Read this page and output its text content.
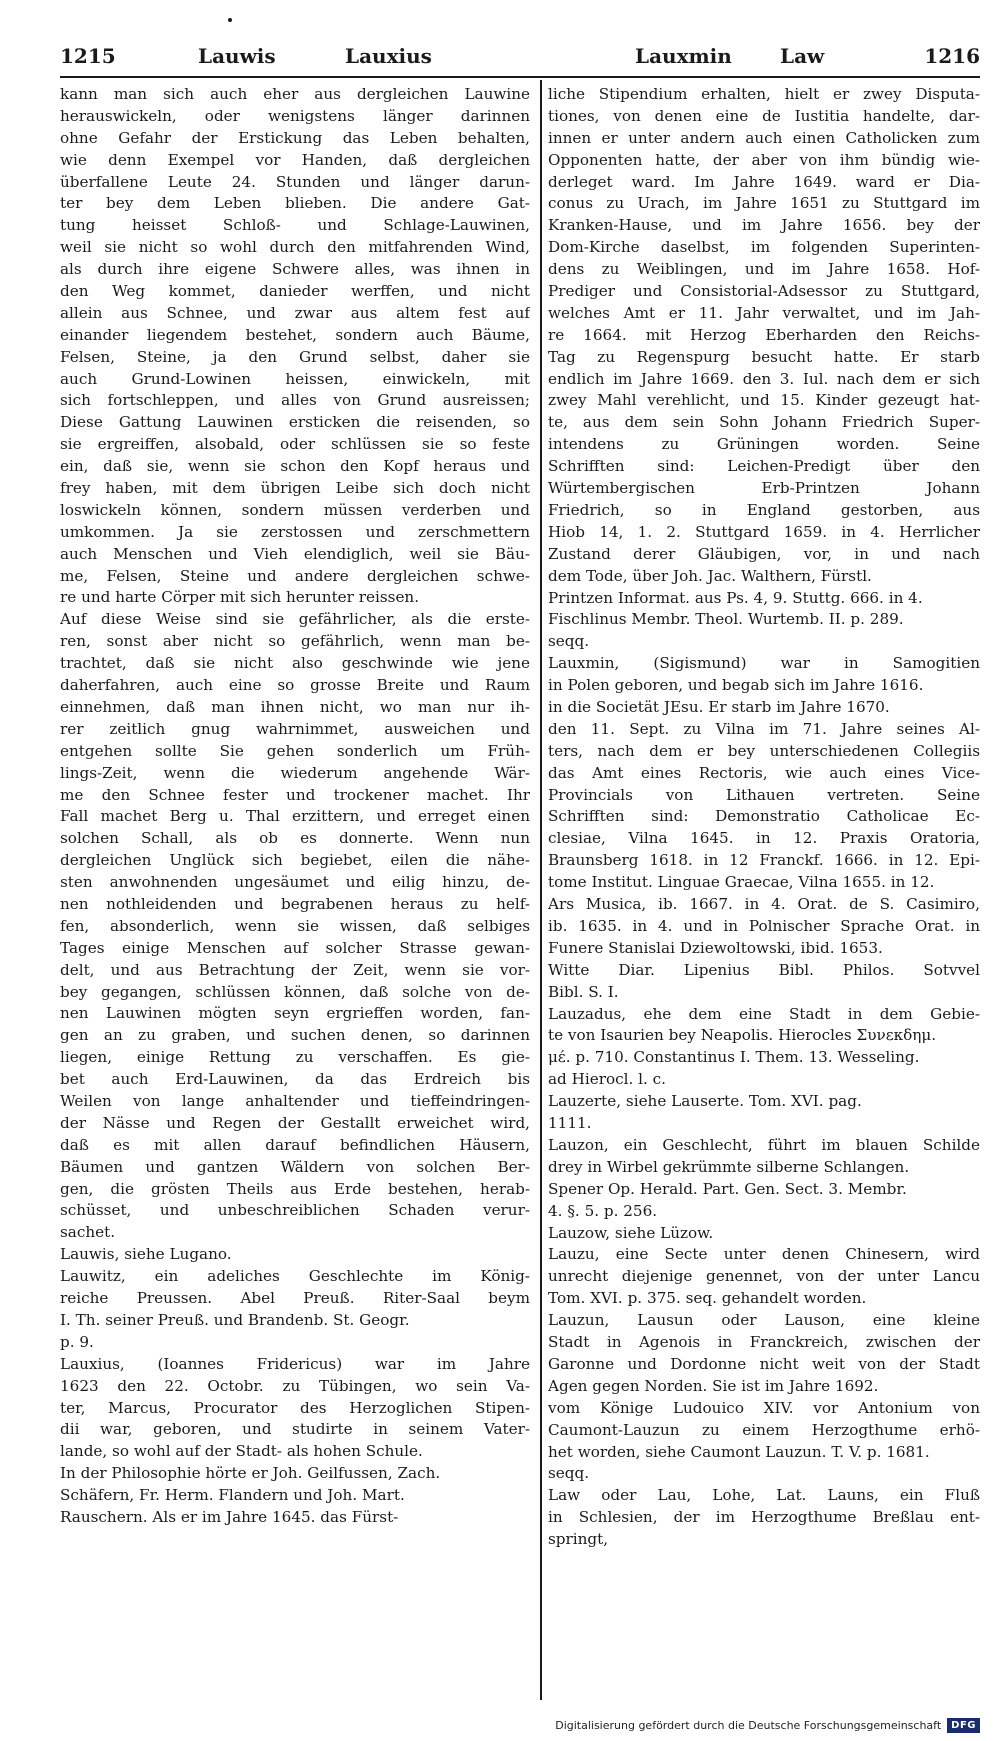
1215	Lauwis	Lauxius	Lauxmin Law	1216
kann man sich auch eher aus dergleichen Lauwine
herauswickeln, oder wenigstens länger darinnen
ohne Gefahr der Erstickung das Leben behalten,
wie denn Exempel vor Handen, daß dergleichen
überfallene Leute 24. Stunden und länger darun-
ter bey dem Leben blieben. Die andere Gat-
tung heisset Schloß- und Schlage-Lauwinen,
weil sie nicht so wohl durch den mitfahrenden Wind,
als durch ihre eigene Schwere alles, was ihnen in
den Weg kommet, danieder werffen, und nicht
allein aus Schnee, und zwar aus altem fest auf
einander liegendem bestehet, sondern auch Bäume,
Felsen, Steine, ja den Grund selbst, daher sie
auch Grund-Lowinen heissen, einwickeln, mit
sich fortschleppen, und alles von Grund ausreissen;
Diese Gattung Lauwinen ersticken die reisenden, so
sie ergreiffen, alsobald, oder schlüssen sie so feste
ein, daß sie, wenn sie schon den Kopf heraus und
frey haben, mit dem übrigen Leibe sich doch nicht
loswickeln können, sondern müssen verderben und
umkommen. Ja sie zerstossen und zerschmettern
auch Menschen und Vieh elendiglich, weil sie Bäu-
me, Felsen, Steine und andere dergleichen schwe-
re und harte Cörper mit sich herunter reissen.
Auf diese Weise sind sie gefährlicher, als die erste-
ren, sonst aber nicht so gefährlich, wenn man be-
trachtet, daß sie nicht also geschwinde wie jene
daherfahren, auch eine so grosse Breite und Raum
einnehmen, daß man ihnen nicht, wo man nur ih-
rer zeitlich gnug wahrnimmet, ausweichen und
entgehen sollte Sie gehen sonderlich um Früh-
lings-Zeit, wenn die wiederum angehende Wär-
me den Schnee fester und trockener machet. Ihr
Fall machet Berg u. Thal erzittern, und erreget einen
solchen Schall, als ob es donnerte. Wenn nun
dergleichen Unglück sich begiebet, eilen die nähe-
sten anwohnenden ungesäumet und eilig hinzu, de-
nen nothleidenden und begrabenen heraus zu helf-
fen, absonderlich, wenn sie wissen, daß selbiges
Tages einige Menschen auf solcher Strasse gewan-
delt, und aus Betrachtung der Zeit, wenn sie vor-
bey gegangen, schlüssen können, daß solche von de-
nen Lauwinen mögten seyn ergrieffen worden, fan-
gen an zu graben, und suchen denen, so darinnen
liegen, einige Rettung zu verschaffen. Es gie-
bet auch Erd-Lauwinen, da das Erdreich bis
Weilen von lange anhaltender und tieffeindringen-
der Nässe und Regen der Gestallt erweichet wird,
daß es mit allen darauf befindlichen Häusern,
Bäumen und gantzen Wäldern von solchen Ber-
gen, die grösten Theils aus Erde bestehen, herab-
schüsset, und unbeschreiblichen Schaden verur-
sachet.
Lauwis, siehe Lugano.
Lauwitz, ein adeliches Geschlechte im König-
reiche Preussen. Abel Preuß. Riter-Saal beym
I. Th. seiner Preuß. und Brandenb. St. Geogr.
p. 9.
Lauxius, (Ioannes Fridericus) war im Jahre
1623 den 22. Octobr. zu Tübingen, wo sein Va-
ter, Marcus, Procurator des Herzoglichen Stipen-
dii war, geboren, und studirte in seinem Vater-
lande, so wohl auf der Stadt- als hohen Schule.
In der Philosophie hörte er Joh. Geilfussen, Zach.
Schäfern, Fr. Herm. Flandern und Joh. Mart.
Rauschern. Als er im Jahre 1645. das Fürst-
liche Stipendium erhalten, hielt er zwey Disputa-
tiones, von denen eine de Iustitia handelte, dar-
innen er unter andern auch einen Catholicken zum
Opponenten hatte, der aber von ihm bündig wie-
derleget ward. Im Jahre 1649. ward er Dia-
conus zu Urach, im Jahre 1651 zu Stuttgard im
Kranken-Hause, und im Jahre 1656. bey der
Dom-Kirche daselbst, im folgenden Superinten-
dens zu Weiblingen, und im Jahre 1658. Hof-
Prediger und Consistorial-Adsessor zu Stuttgard,
welches Amt er 11. Jahr verwaltet, und im Jah-
re 1664. mit Herzog Eberharden den Reichs-
Tag zu Regenspurg besucht hatte. Er starb
endlich im Jahre 1669. den 3. Iul. nach dem er sich
zwey Mahl verehlicht, und 15. Kinder gezeugt hat-
te, aus dem sein Sohn Johann Friedrich Super-
intendens zu Grüningen worden. Seine
Schrifften sind: Leichen-Predigt über den
Würtembergischen Erb-Printzen Johann
Friedrich, so in England gestorben, aus
Hiob 14, 1. 2. Stuttgard 1659. in 4. Herrlicher
Zustand derer Gläubigen, vor, in und nach
dem Tode, über Joh. Jac. Walthern, Fürstl.
Printzen Informat. aus Ps. 4, 9. Stuttg. 666. in 4.
Fischlinus Membr. Theol. Wurtemb. II. p. 289.
seqq.
Lauxmin, (Sigismund) war in Samogitien
in Polen geboren, und begab sich im Jahre 1616.
in die Societät JEsu. Er starb im Jahre 1670.
den 11. Sept. zu Vilna im 71. Jahre seines Al-
ters, nach dem er bey unterschiedenen Collegiis
das Amt eines Rectoris, wie auch eines Vice-
Provincials von Lithauen vertreten. Seine
Schrifften sind: Demonstratio Catholicae Ec-
clesiae, Vilna 1645. in 12. Praxis Oratoria,
Braunsberg 1618. in 12 Franckf. 1666. in 12. Epi-
tome Institut. Linguae Graecae, Vilna 1655. in 12.
Ars Musica, ib. 1667. in 4. Orat. de S. Casimiro,
ib. 1635. in 4. und in Polnischer Sprache Orat. in
Funere Stanislai Dziewoltowski, ibid. 1653.
Witte Diar. Lipenius Bibl. Philos. Sotvvel
Bibl. S. I.
Lauzadus, ehe dem eine Stadt in dem Gebie-
te von Isaurien bey Neapolis. Hierocles Συνεκδημ.
μέ. p. 710. Constantinus I. Them. 13. Wesseling.
ad Hierocl. l. c.
Lauzerte, siehe Lauserte. Tom. XVI. pag.
1111.
Lauzon, ein Geschlecht, führt im blauen Schilde
drey in Wirbel gekrümmte silberne Schlangen.
Spener Op. Herald. Part. Gen. Sect. 3. Membr.
4. §. 5. p. 256.
Lauzow, siehe Lüzow.
Lauzu, eine Secte unter denen Chinesern, wird
unrecht diejenige genennet, von der unter Lancu
Tom. XVI. p. 375. seq. gehandelt worden.
Lauzun, Lausun oder Lauson, eine kleine
Stadt in Agenois in Franckreich, zwischen der
Garonne und Dordonne nicht weit von der Stadt
Agen gegen Norden. Sie ist im Jahre 1692.
vom Könige Ludouico XIV. vor Antonium von
Caumont-Lauzun zu einem Herzogthume erhö-
het worden, siehe Caumont Lauzun. T. V. p. 1681.
seqq.
Law oder Lau, Lohe, Lat. Launs, ein Fluß
in Schlesien, der im Herzogthume Breßlau ent-
springt,
Digitalisierung gefördert durch die Deutsche Forschungsgemeinschaft	DFG
